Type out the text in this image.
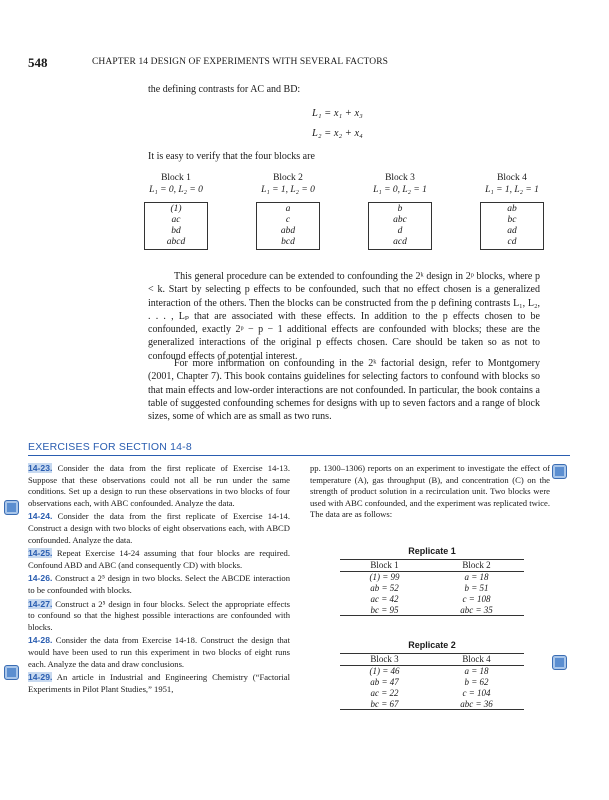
548	CHAPTER 14 DESIGN OF EXPERIMENTS WITH SEVERAL FACTORS
the defining contrasts for AC and BD:
L₁ = x₁ + x₃
L₂ = x₂ + x₄
It is easy to verify that the four blocks are
Block 1
L₁ = 0, L₂ = 0
(1)
ac
bd
abcd
Block 2
L₁ = 1, L₂ = 0
a
c
abd
bcd
Block 3
L₁ = 0, L₂ = 1
b
abc
d
acd
Block 4
L₁ = 1, L₂ = 1
ab
bc
ad
cd
This general procedure can be extended to confounding the 2ᵏ design in 2ᵖ blocks, where p < k. Start by selecting p effects to be confounded, such that no effect chosen is a generalized interaction of the others. Then the blocks can be constructed from the p defining contrasts L₁, L₂, . . . , Lₚ that are associated with these effects. In addition to the p effects chosen to be confounded, exactly 2ᵖ − p − 1 additional effects are confounded with blocks; these are the generalized interactions of the original p effects chosen. Care should be taken so as not to confound effects of potential interest.
For more information on confounding in the 2ᵏ factorial design, refer to Montgomery (2001, Chapter 7). This book contains guidelines for selecting factors to confound with blocks so that main effects and low-order interactions are not confounded. In particular, the book contains a table of suggested confounding schemes for designs with up to seven factors and a range of block sizes, some of which are as small as two runs.
EXERCISES FOR SECTION 14-8
14-23. Consider the data from the first replicate of Exercise 14-13. Suppose that these observations could not all be run under the same conditions. Set up a design to run these observations in two blocks of four observations each, with ABC confounded. Analyze the data.
14-24. Consider the data from the first replicate of Exercise 14-14. Construct a design with two blocks of eight observations each, with ABCD confounded. Analyze the data.
14-25. Repeat Exercise 14-24 assuming that four blocks are required. Confound ABD and ABC (and consequently CD) with blocks.
14-26. Construct a 2⁵ design in two blocks. Select the ABCDE interaction to be confounded with blocks.
14-27. Construct a 2⁵ design in four blocks. Select the appropriate effects to confound so that the highest possible interactions are confounded with blocks.
14-28. Consider the data from Exercise 14-18. Construct the design that would have been used to run this experiment in two blocks of eight runs each. Analyze the data and draw conclusions.
14-29. An article in Industrial and Engineering Chemistry (“Factorial Experiments in Pilot Plant Studies,” 1951,
pp. 1300–1306) reports on an experiment to investigate the effect of temperature (A), gas throughput (B), and concentration (C) on the strength of product solution in a recirculation unit. Two blocks were used with ABC confounded, and the experiment was replicated twice. The data are as follows:
Replicate 1
Block 1	Block 2
(1) = 99	a = 18
ab = 52	b = 51
ac = 42	c = 108
bc = 95	abc = 35
Replicate 2
Block 3	Block 4
(1) = 46	a = 18
ab = 47	b = 62
ac = 22	c = 104
bc = 67	abc = 36
